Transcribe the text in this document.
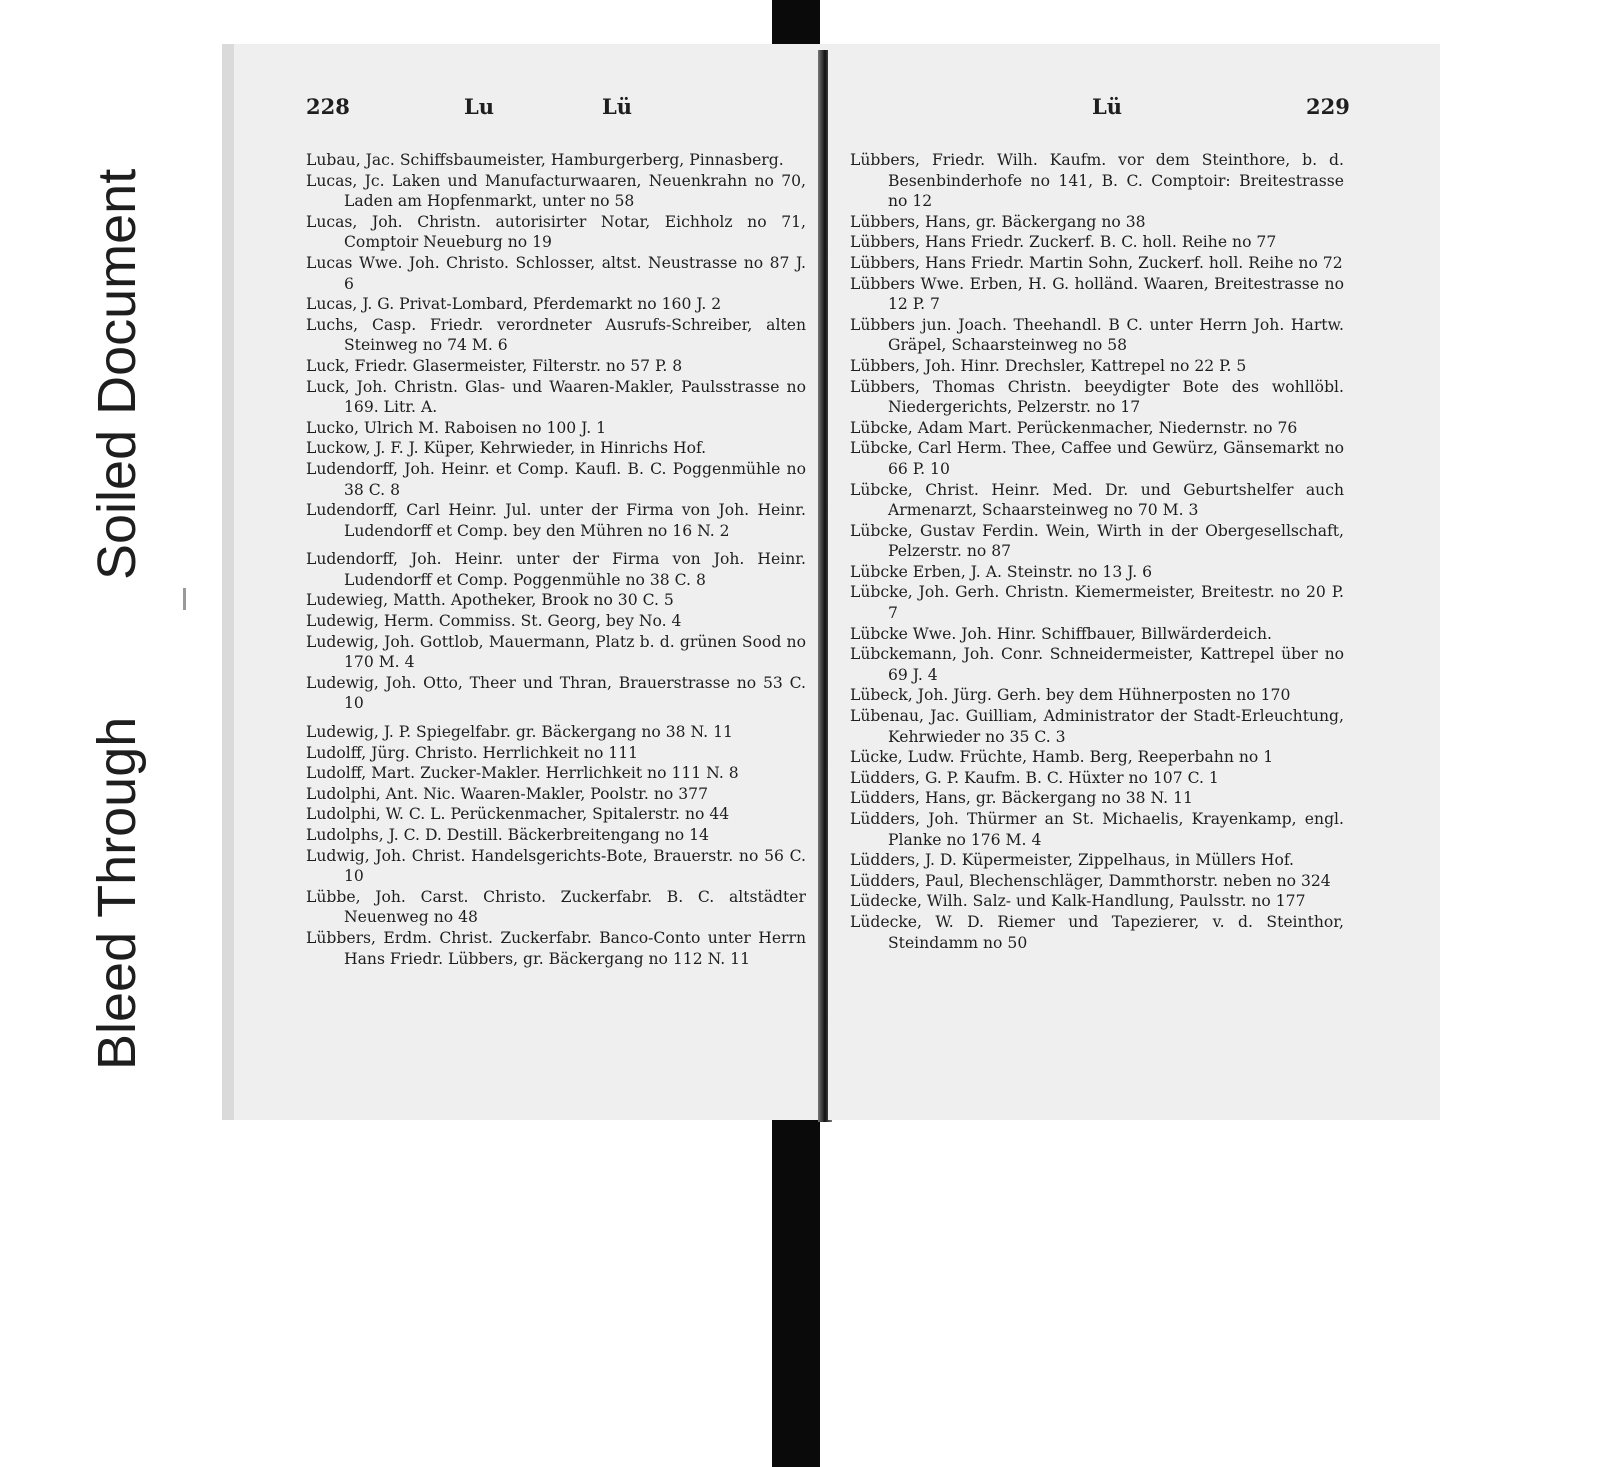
Bleed Through
Soiled Document
228	Lu	Lü
Lubau, Jac. Schiffsbaumeister, Hamburgerberg, Pinnasberg.
Lucas, Jc. Laken und Manufacturwaaren, Neuenkrahn no 70, Laden am Hopfenmarkt, unter no 58
Lucas, Joh. Christn. autorisirter Notar, Eichholz no 71, Comptoir Neueburg no 19
Lucas Wwe. Joh. Christo. Schlosser, altst. Neustrasse no 87 J. 6
Lucas, J. G. Privat-Lombard, Pferdemarkt no 160 J. 2
Luchs, Casp. Friedr. verordneter Ausrufs-Schreiber, alten Steinweg no 74 M. 6
Luck, Friedr. Glasermeister, Filterstr. no 57 P. 8
Luck, Joh. Christn. Glas- und Waaren-Makler, Paulsstrasse no 169. Litr. A.
Lucko, Ulrich M. Raboisen no 100 J. 1
Luckow, J. F. J. Küper, Kehrwieder, in Hinrichs Hof.
Ludendorff, Joh. Heinr. et Comp. Kaufl. B. C. Poggenmühle no 38 C. 8
Ludendorff, Carl Heinr. Jul. unter der Firma von Joh. Heinr. Ludendorff et Comp. bey den Mühren no 16 N. 2
Ludendorff, Joh. Heinr. unter der Firma von Joh. Heinr. Ludendorff et Comp. Poggenmühle no 38 C. 8
Ludewieg, Matth. Apotheker, Brook no 30 C. 5
Ludewig, Herm. Commiss. St. Georg, bey No. 4
Ludewig, Joh. Gottlob, Mauermann, Platz b. d. grünen Sood no 170 M. 4
Ludewig, Joh. Otto, Theer und Thran, Brauerstrasse no 53 C. 10
Ludewig, J. P. Spiegelfabr. gr. Bäckergang no 38 N. 11
Ludolff, Jürg. Christo. Herrlichkeit no 111
Ludolff, Mart. Zucker-Makler. Herrlichkeit no 111 N. 8
Ludolphi, Ant. Nic. Waaren-Makler, Poolstr. no 377
Ludolphi, W. C. L. Perückenmacher, Spitalerstr. no 44
Ludolphs, J. C. D. Destill. Bäckerbreitengang no 14
Ludwig, Joh. Christ. Handelsgerichts-Bote, Brauerstr. no 56 C. 10
Lübbe, Joh. Carst. Christo. Zuckerfabr. B. C. altstädter Neuenweg no 48
Lübbers, Erdm. Christ. Zuckerfabr. Banco-Conto unter Herrn Hans Friedr. Lübbers, gr. Bäckergang no 112 N. 11
Lü	229
Lübbers, Friedr. Wilh. Kaufm. vor dem Steinthore, b. d. Besenbinderhofe no 141, B. C. Comptoir: Breitestrasse no 12
Lübbers, Hans, gr. Bäckergang no 38
Lübbers, Hans Friedr. Zuckerf. B. C. holl. Reihe no 77
Lübbers, Hans Friedr. Martin Sohn, Zuckerf. holl. Reihe no 72
Lübbers Wwe. Erben, H. G. holländ. Waaren, Breitestrasse no 12 P. 7
Lübbers jun. Joach. Theehandl. B C. unter Herrn Joh. Hartw. Gräpel, Schaarsteinweg no 58
Lübbers, Joh. Hinr. Drechsler, Kattrepel no 22 P. 5
Lübbers, Thomas Christn. beeydigter Bote des wohllöbl. Niedergerichts, Pelzerstr. no 17
Lübcke, Adam Mart. Perückenmacher, Niedernstr. no 76
Lübcke, Carl Herm. Thee, Caffee und Gewürz, Gänsemarkt no 66 P. 10
Lübcke, Christ. Heinr. Med. Dr. und Geburtshelfer auch Armenarzt, Schaarsteinweg no 70 M. 3
Lübcke, Gustav Ferdin. Wein, Wirth in der Obergesellschaft, Pelzerstr. no 87
Lübcke Erben, J. A. Steinstr. no 13 J. 6
Lübcke, Joh. Gerh. Christn. Kiemermeister, Breitestr. no 20 P. 7
Lübcke Wwe. Joh. Hinr. Schiffbauer, Billwärderdeich.
Lübckemann, Joh. Conr. Schneidermeister, Kattrepel über no 69 J. 4
Lübeck, Joh. Jürg. Gerh. bey dem Hühnerposten no 170
Lübenau, Jac. Guilliam, Administrator der Stadt-Erleuchtung, Kehrwieder no 35 C. 3
Lücke, Ludw. Früchte, Hamb. Berg, Reeperbahn no 1
Lüdders, G. P. Kaufm. B. C. Hüxter no 107 C. 1
Lüdders, Hans, gr. Bäckergang no 38 N. 11
Lüdders, Joh. Thürmer an St. Michaelis, Krayenkamp, engl. Planke no 176 M. 4
Lüdders, J. D. Küpermeister, Zippelhaus, in Müllers Hof.
Lüdders, Paul, Blechenschläger, Dammthorstr. neben no 324
Lüdecke, Wilh. Salz- und Kalk-Handlung, Paulsstr. no 177
Lüdecke, W. D. Riemer und Tapezierer, v. d. Steinthor, Steindamm no 50
